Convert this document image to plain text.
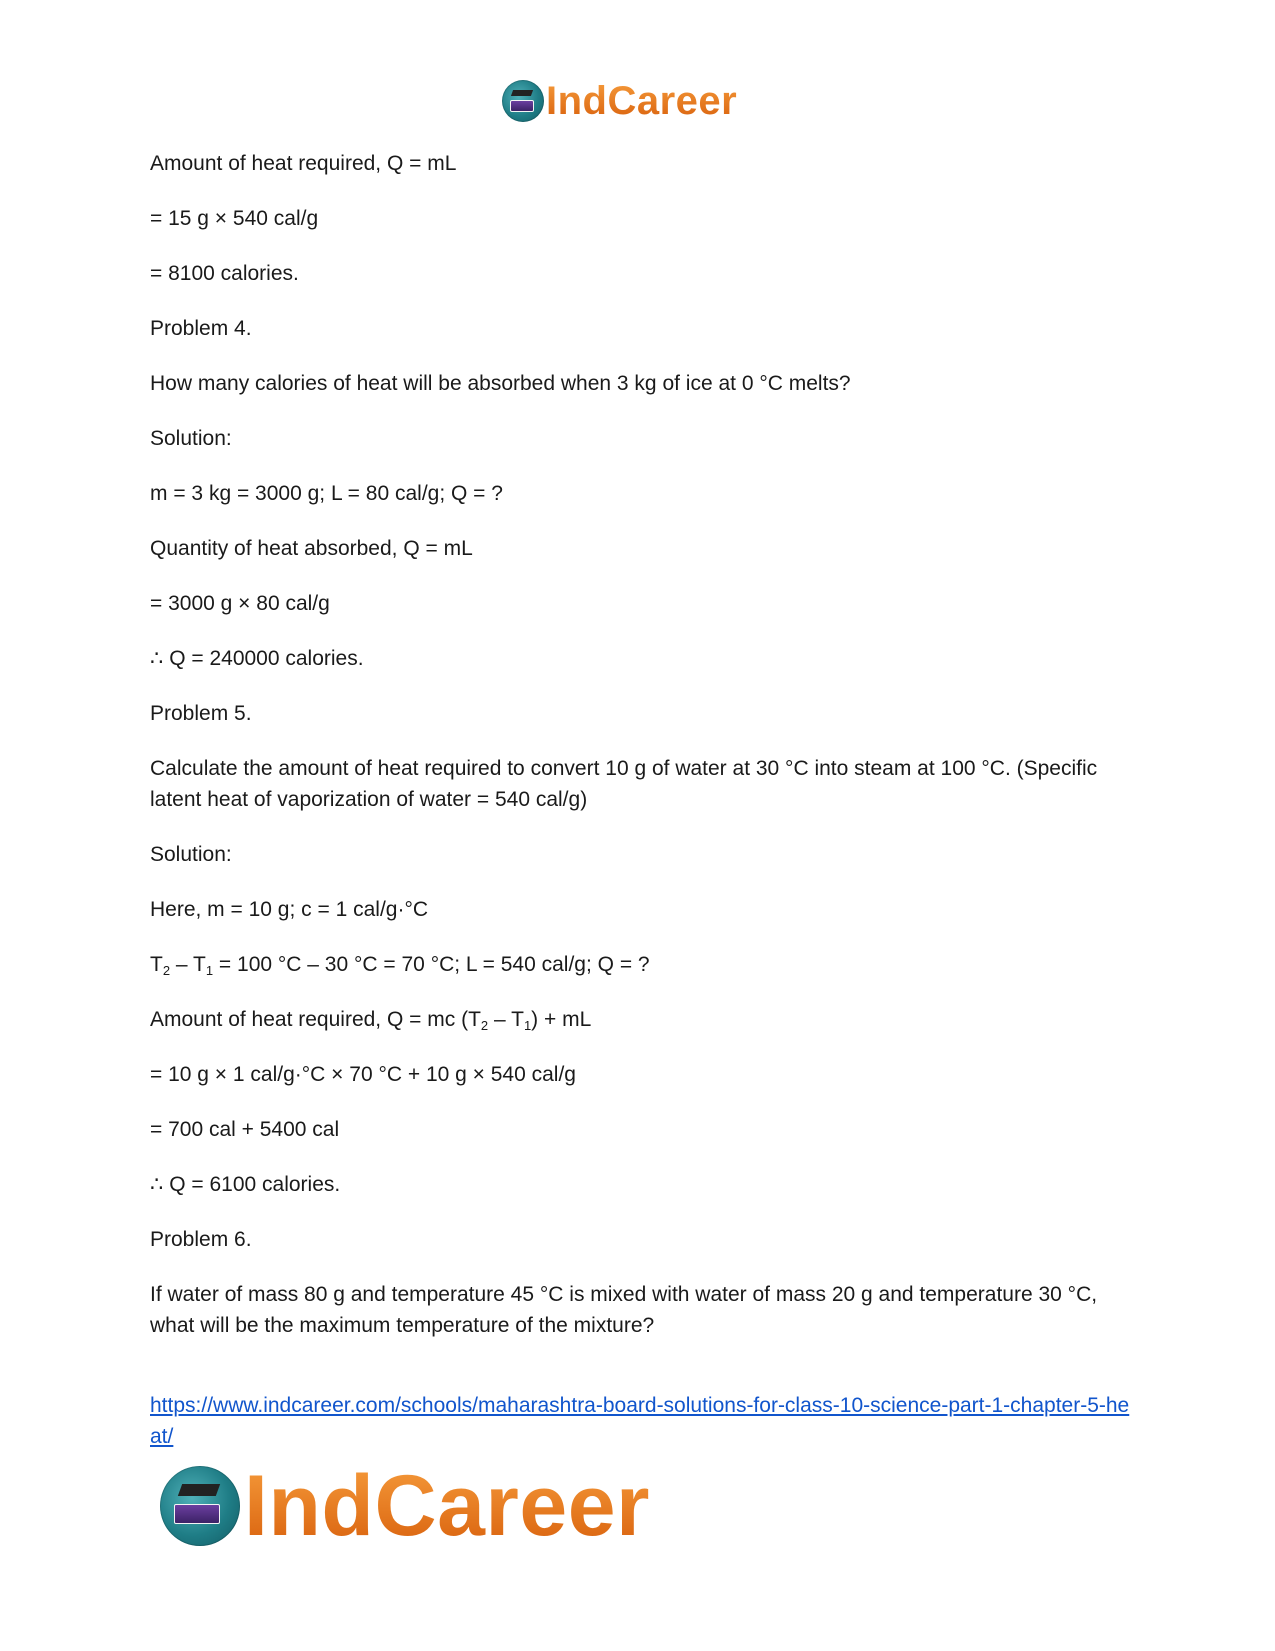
IndCareer

Amount of heat required, Q = mL

= 15 g × 540 cal/g

= 8100 calories.

Problem 4.

How many calories of heat will be absorbed when 3 kg of ice at 0 °C melts?

Solution:

m = 3 kg = 3000 g; L = 80 cal/g; Q = ?

Quantity of heat absorbed, Q = mL

= 3000 g × 80 cal/g

∴ Q = 240000 calories.

Problem 5.

Calculate the amount of heat required to convert 10 g of water at 30 °C into steam at 100 °C. (Specific latent heat of vaporization of water = 540 cal/g)

Solution:

Here, m = 10 g; c = 1 cal/g·°C

$T_2 - T_1 = 100$ °C – 30 °C = 70 °C; L = 540 cal/g; Q = ?

Amount of heat required, Q = mc $(T_2 - T_1)$ + mL

= 10 g × 1 cal/g·°C × 70 °C + 10 g × 540 cal/g

= 700 cal + 5400 cal

∴ Q = 6100 calories.

Problem 6.

If water of mass 80 g and temperature 45 °C is mixed with water of mass 20 g and temperature 30 °C, what will be the maximum temperature of the mixture?

https://www.indcareer.com/schools/maharashtra-board-solutions-for-class-10-science-part-1-chapter-5-heat/
IndCareer
